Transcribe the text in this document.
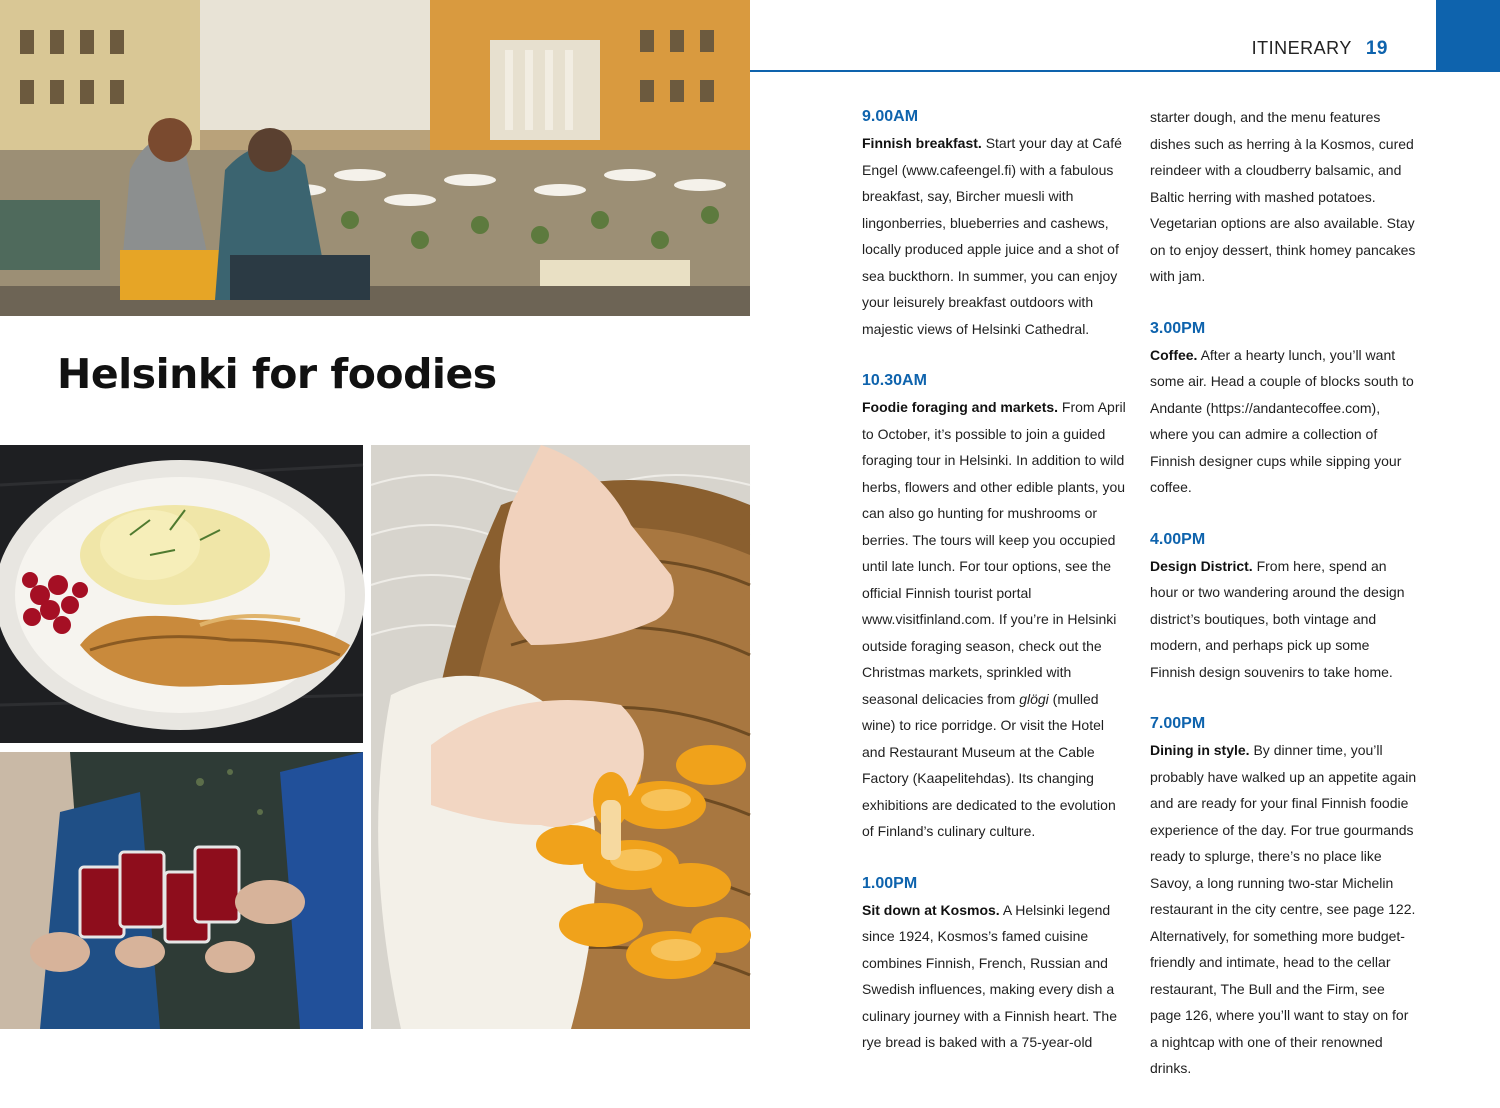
Helsinki for foodies
ITINERARY 19
9.00AM
Finnish breakfast. Start your day at Café Engel (www.cafeengel.fi) with a fabulous breakfast, say, Bircher muesli with lingonberries, blueberries and cashews, locally produced apple juice and a shot of sea buckthorn. In summer, you can enjoy your leisurely breakfast outdoors with majestic views of Helsinki Cathedral.
10.30AM
Foodie foraging and markets. From April to October, it’s possible to join a guided foraging tour in Helsinki. In addition to wild herbs, flowers and other edible plants, you can also go hunting for mushrooms or berries. The tours will keep you occupied until late lunch. For tour options, see the official Finnish tourist portal www.visitfinland.com. If you’re in Helsinki outside foraging season, check out the Christmas markets, sprinkled with seasonal delicacies from glögi (mulled wine) to rice porridge. Or visit the Hotel and Restaurant Museum at the Cable Factory (Kaapelitehdas). Its changing exhibitions are dedicated to the evolution of Finland’s culinary culture.
1.00PM
Sit down at Kosmos. A Helsinki legend since 1924, Kosmos’s famed cuisine combines Finnish, French, Russian and Swedish influences, making every dish a culinary journey with a Finnish heart. The rye bread is baked with a 75-year-old
starter dough, and the menu features dishes such as herring à la Kosmos, cured reindeer with a cloudberry balsamic, and Baltic herring with mashed potatoes. Vegetarian options are also available. Stay on to enjoy dessert, think homey pancakes with jam.
3.00PM
Coffee. After a hearty lunch, you’ll want some air. Head a couple of blocks south to Andante (https://andantecoffee.com), where you can admire a collection of Finnish designer cups while sipping your coffee.
4.00PM
Design District. From here, spend an hour or two wandering around the design district’s boutiques, both vintage and modern, and perhaps pick up some Finnish design souvenirs to take home.
7.00PM
Dining in style. By dinner time, you’ll probably have walked up an appetite again and are ready for your final Finnish foodie experience of the day. For true gourmands ready to splurge, there’s no place like Savoy, a long running two-star Michelin restaurant in the city centre, see page 122. Alternatively, for something more budget-friendly and intimate, head to the cellar restaurant, The Bull and the Firm, see page 126, where you’ll want to stay on for a nightcap with one of their renowned drinks.
